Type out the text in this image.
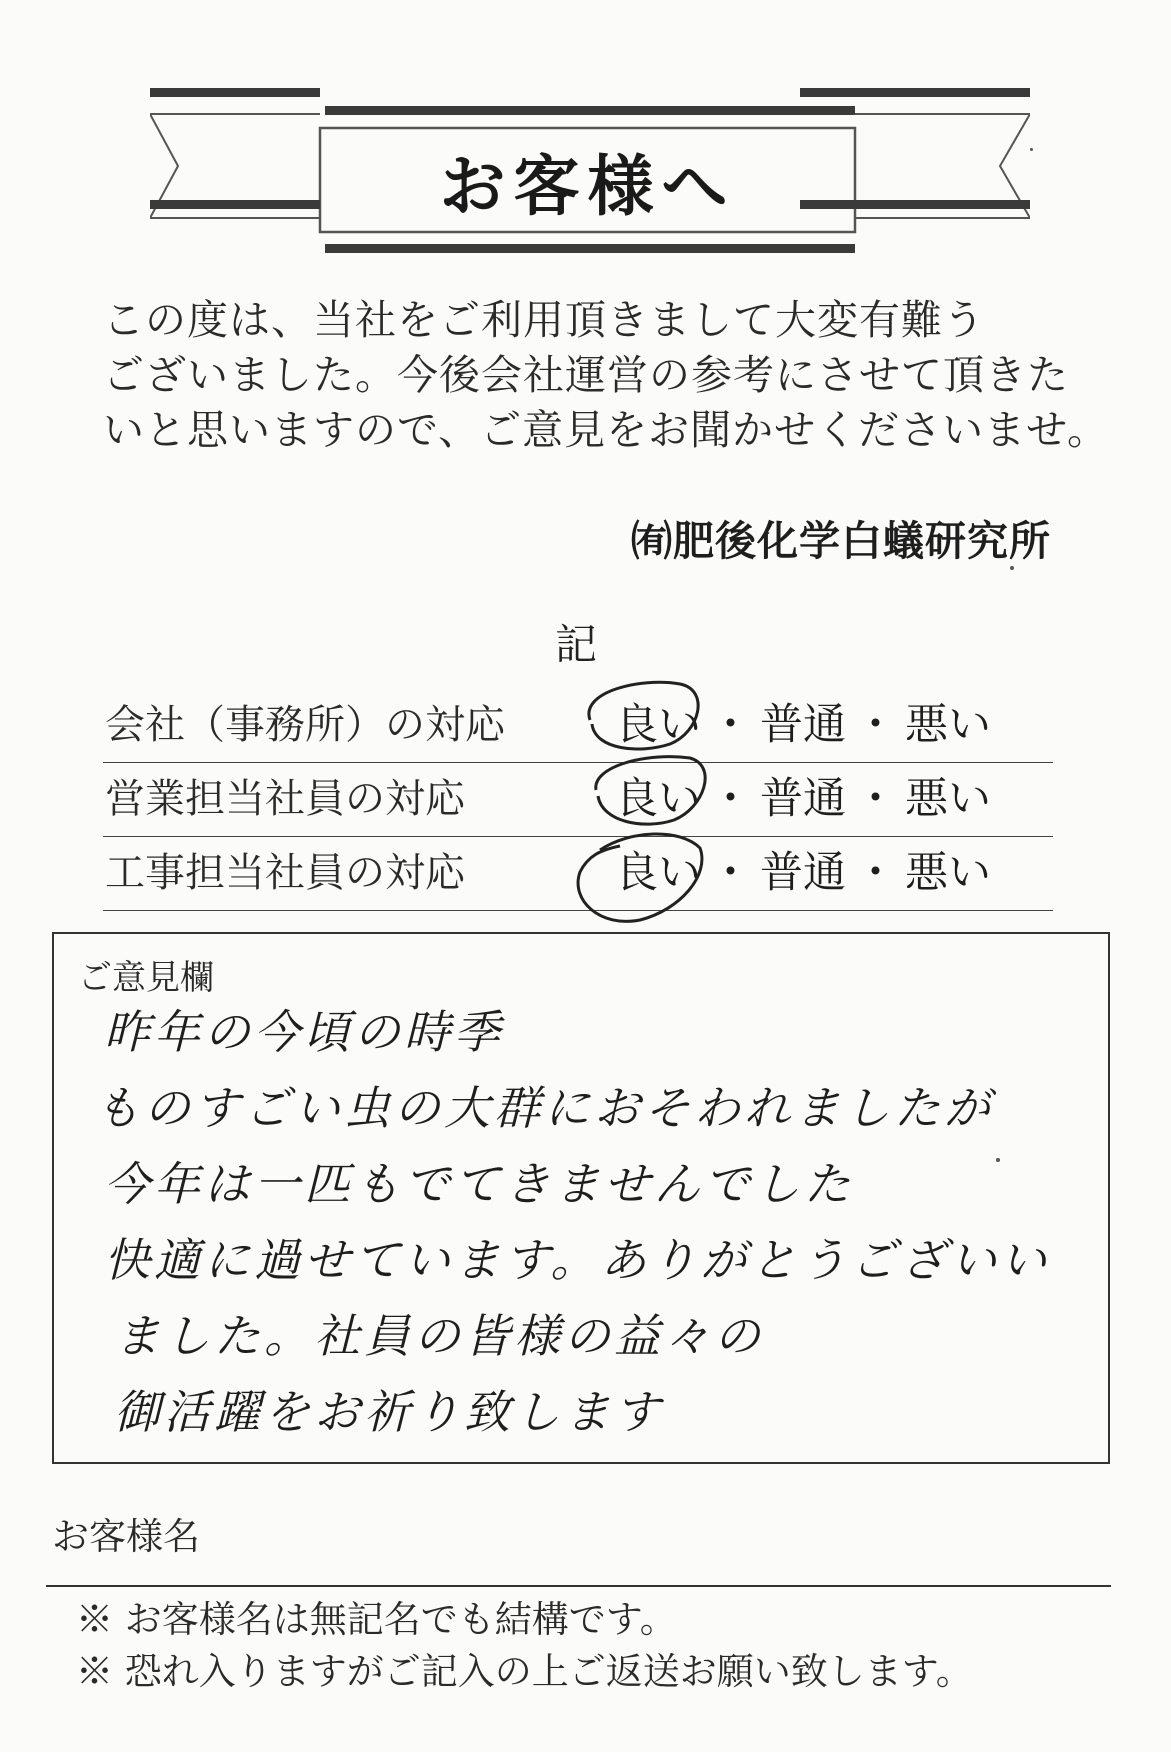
お客様へ

この度は、当社をご利用頂きまして大変有難う

ございました。今後会社運営の参考にさせて頂きた

いと思いますので、ご意見をお聞かせくださいませ。

㈲肥後化学白蟻研究所
記
会社（事務所）の対応	良い ・ 普通 ・ 悪い
営業担当社員の対応	良い ・ 普通 ・ 悪い
工事担当社員の対応	良い ・ 普通 ・ 悪い
ご意見欄

昨年の今頃の時季

ものすごい虫の大群におそわれましたが

今年は一匹もでてきませんでした

快適に過せています。ありがとうございい

ました。社員の皆様の益々の

御活躍をお祈り致します

お客様名

※ お客様名は無記名でも結構です。

※ 恐れ入りますがご記入の上ご返送お願い致します。
